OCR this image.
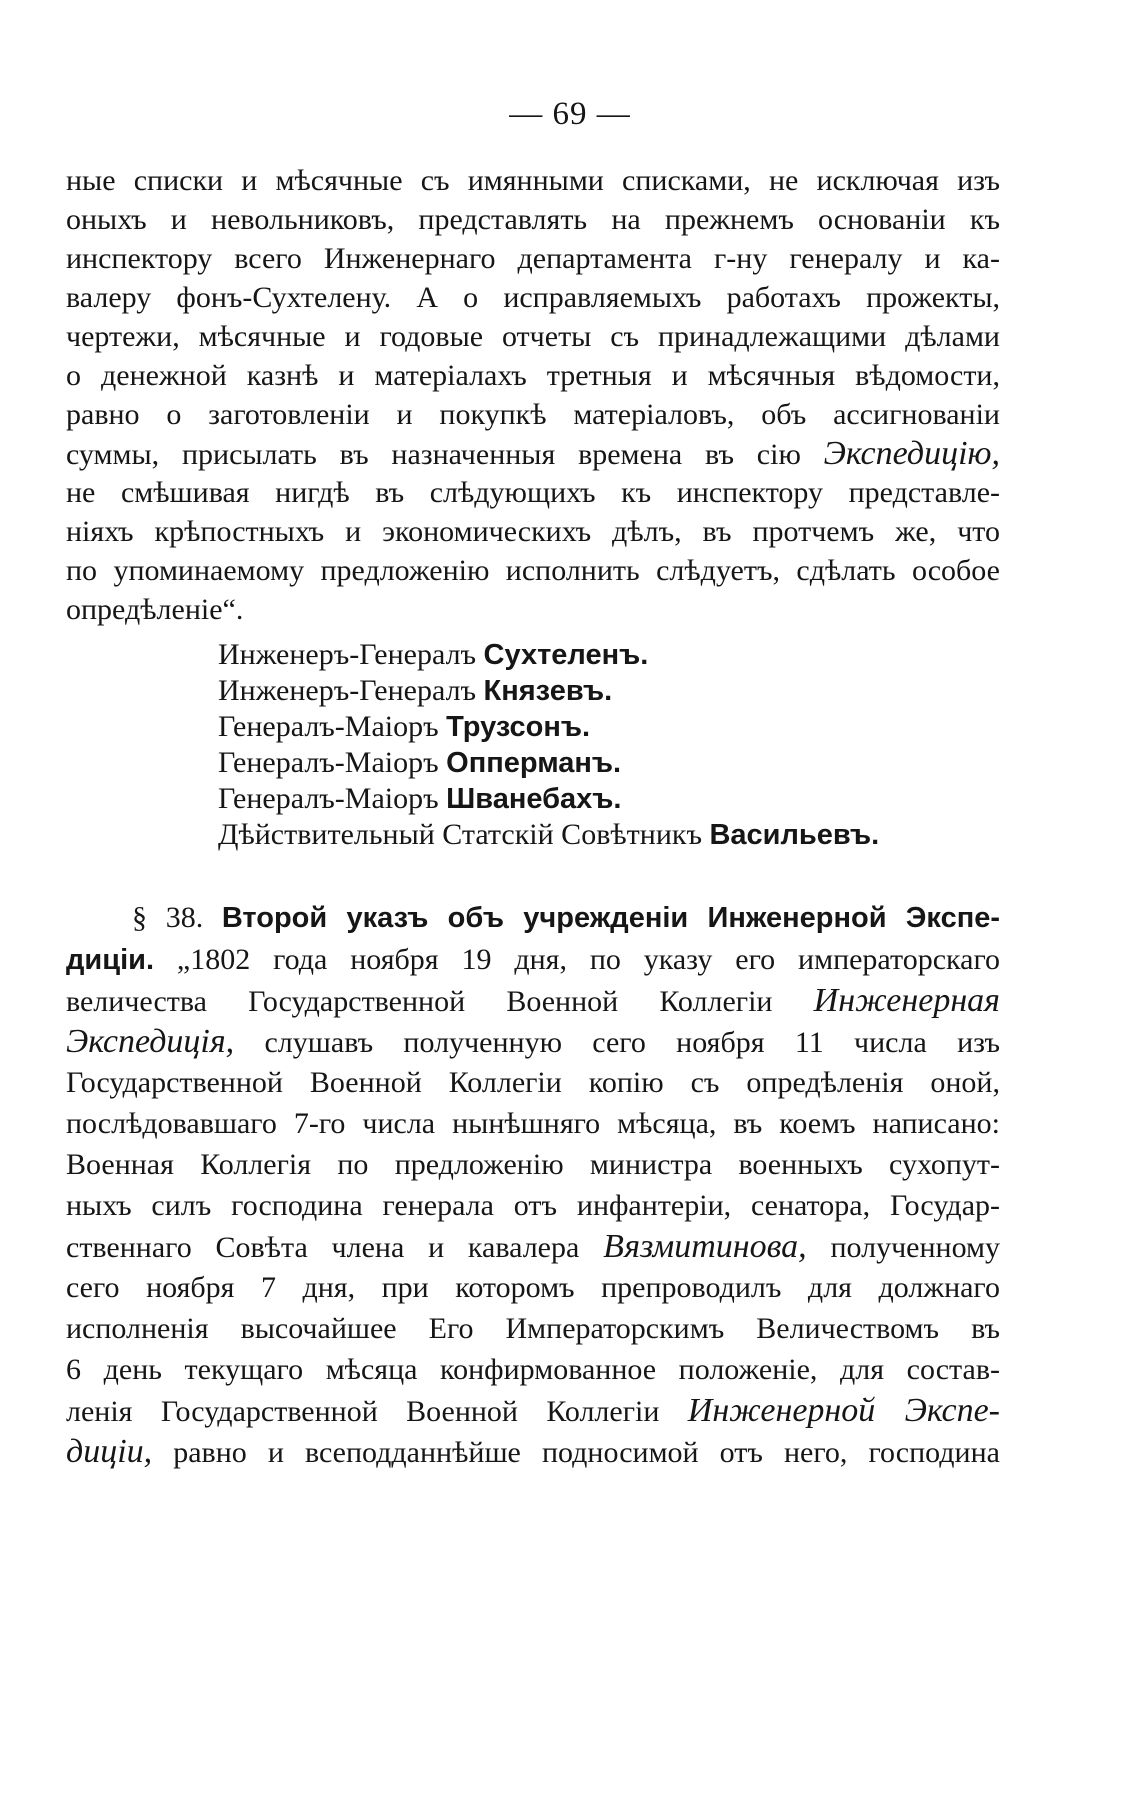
— 69 —
ные списки и мѣсячные съ имянными списками, не исключая изъ
оныхъ и невольниковъ, представлять на прежнемъ основанiи къ
инспектору всего Инженернаго департамента г-ну генералу и ка-
валеру фонъ-Сухтелену. А о исправляемыхъ работахъ прожекты,
чертежи, мѣсячные и годовые отчеты съ принадлежащими дѣлами
о денежной казнѣ и матерiалахъ третныя и мѣсячныя вѣдомости,
равно о заготовленiи и покупкѣ матерiаловъ, объ ассигнованiи
суммы, присылать въ назначенныя времена въ сiю Экспедицiю,
не смѣшивая нигдѣ въ слѣдующихъ къ инспектору представле-
нiяхъ крѣпостныхъ и экономическихъ дѣлъ, въ протчемъ же, что
по упоминаемому предложенiю исполнить слѣдуетъ, сдѣлать особое
опредѣленiе“.
Инженеръ-Генералъ Сухтеленъ.
Инженеръ-Генералъ Князевъ.
Генералъ-Маiоръ Трузсонъ.
Генералъ-Маiоръ Опперманъ.
Генералъ-Маiоръ Шванебахъ.
Дѣйствительный Статскiй Совѣтникъ Васильевъ.
§ 38. Второй указъ объ учрежденiи Инженерной Экспе-
дицiи. „1802 года ноября 19 дня, по указу его императорскаго
величества Государственной Военной Коллегiи Инженерная
Экспедицiя, слушавъ полученную сего ноября 11 числа изъ
Государственной Военной Коллегiи копiю съ опредѣленiя оной,
послѣдовавшаго 7-го числа нынѣшняго мѣсяца, въ коемъ написано:
Военная Коллегiя по предложенiю министра военныхъ сухопут-
ныхъ силъ господина генерала отъ инфантерiи, сенатора, Государ-
ственнаго Совѣта члена и кавалера Вязмитинова, полученному
сего ноября 7 дня, при которомъ препроводилъ для должнаго
исполненiя высочайшее Его Императорскимъ Величествомъ въ
6 день текущаго мѣсяца конфирмованное положенiе, для состав-
ленiя Государственной Военной Коллегiи Инженерной Экспе-
дицiи, равно и всеподданнѣйше подносимой отъ него, господина
